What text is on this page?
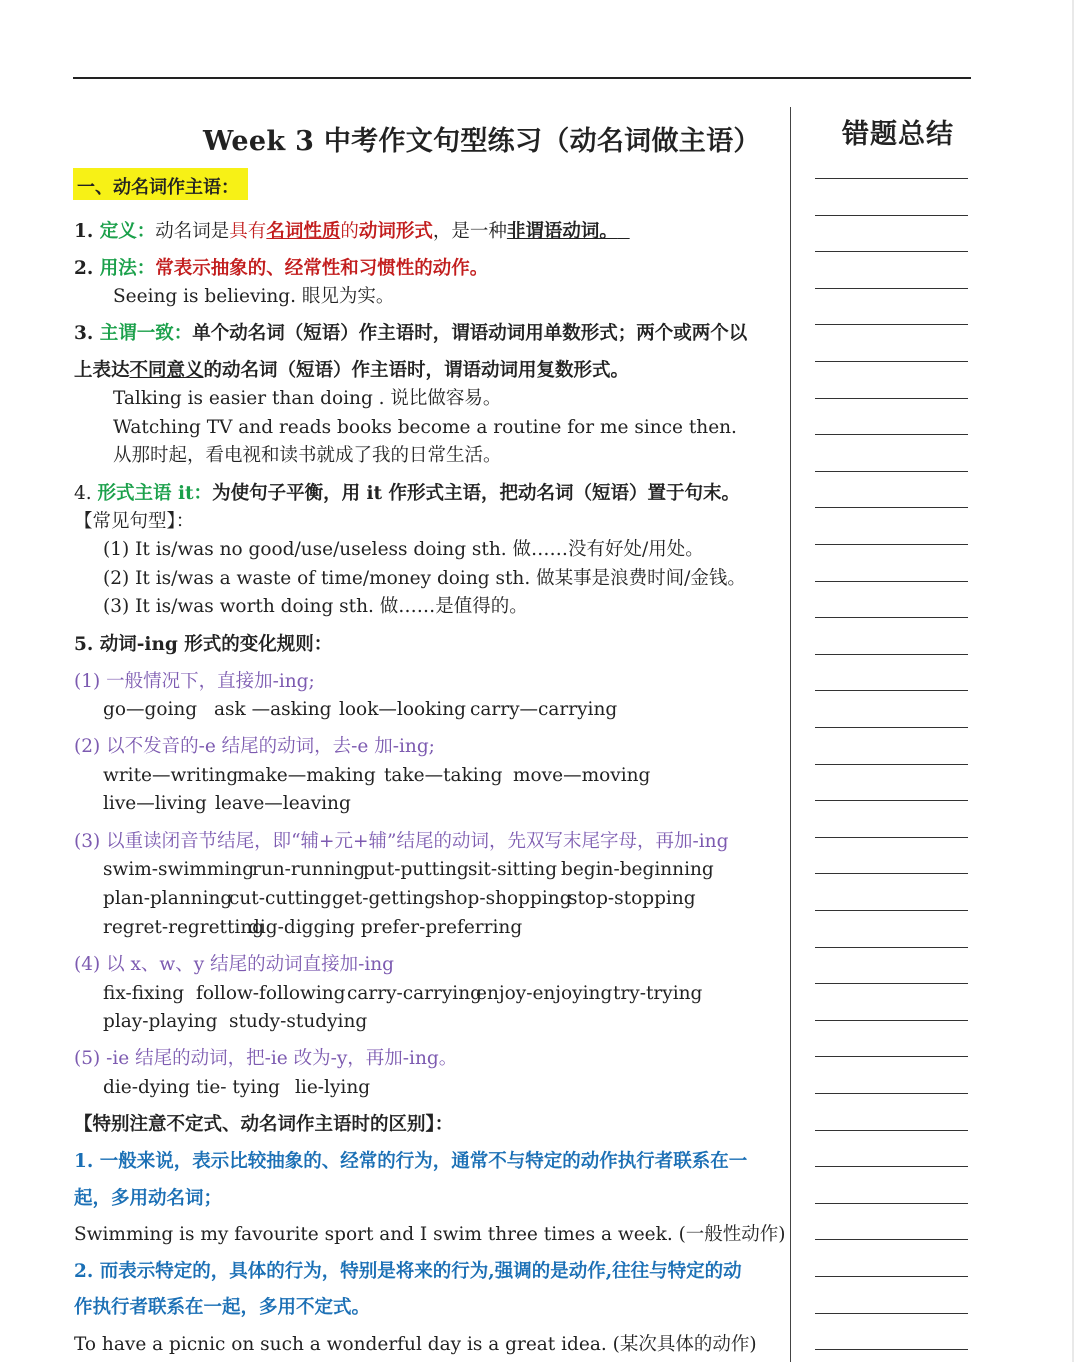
错题总结
Week 3 中考作文句型练习（动名词做主语）
一、动名词作主语：
1. 定义：动名词是具有名词性质的动词形式，是一种非谓语动词。
2. 用法：常表示抽象的、经常性和习惯性的动作。
Seeing is believing. 眼见为实。
3. 主谓一致：单个动名词（短语）作主语时，谓语动词用单数形式；两个或两个以
上表达不同意义的动名词（短语）作主语时，谓语动词用复数形式。
Talking is easier than doing . 说比做容易。
Watching TV and reads books become a routine for me since then.
从那时起，看电视和读书就成了我的日常生活。
4. 形式主语 it：为使句子平衡，用 it 作形式主语，把动名词（短语）置于句末。
【常见句型】：
(1) It is/was no good/use/useless doing sth. 做……没有好处/用处。
(2) It is/was a waste of time/money doing sth. 做某事是浪费时间/金钱。
(3) It is/was worth doing sth. 做……是值得的。
5. 动词-ing 形式的变化规则：
(1) 一般情况下，直接加-ing;
go—going ask —asking look—looking carry—carrying
(2) 以不发音的-e 结尾的动词，去-e 加-ing;
write—writing
make—making take—taking move—moving
live—living leave—leaving
(3) 以重读闭音节结尾，即“辅+元+辅”结尾的动词，先双写末尾字母，再加-ing
swim-swimming
run-running
put-putting sit-sitting begin-beginning
plan-planning
cut-cutting get-getting shop-shopping
stop-stopping
regret-regretting
dig-digging prefer-preferring
(4) 以 x、w、y 结尾的动词直接加-ing
fix-fixing follow-following carry-carrying
enjoy-enjoying try-trying
play-playing study-studying
(5) -ie 结尾的动词，把-ie 改为-y，再加-ing。
die-dying tie- tying lie-lying
【特别注意不定式、动名词作主语时的区别】：
1. 一般来说，表示比较抽象的、经常的行为，通常不与特定的动作执行者联系在一
起，多用动名词；
Swimming is my favourite sport and I swim three times a week. (一般性动作)
2. 而表示特定的，具体的行为，特别是将来的行为,强调的是动作,往往与特定的动
作执行者联系在一起，多用不定式。
To have a picnic on such a wonderful day is a great idea. (某次具体的动作)
